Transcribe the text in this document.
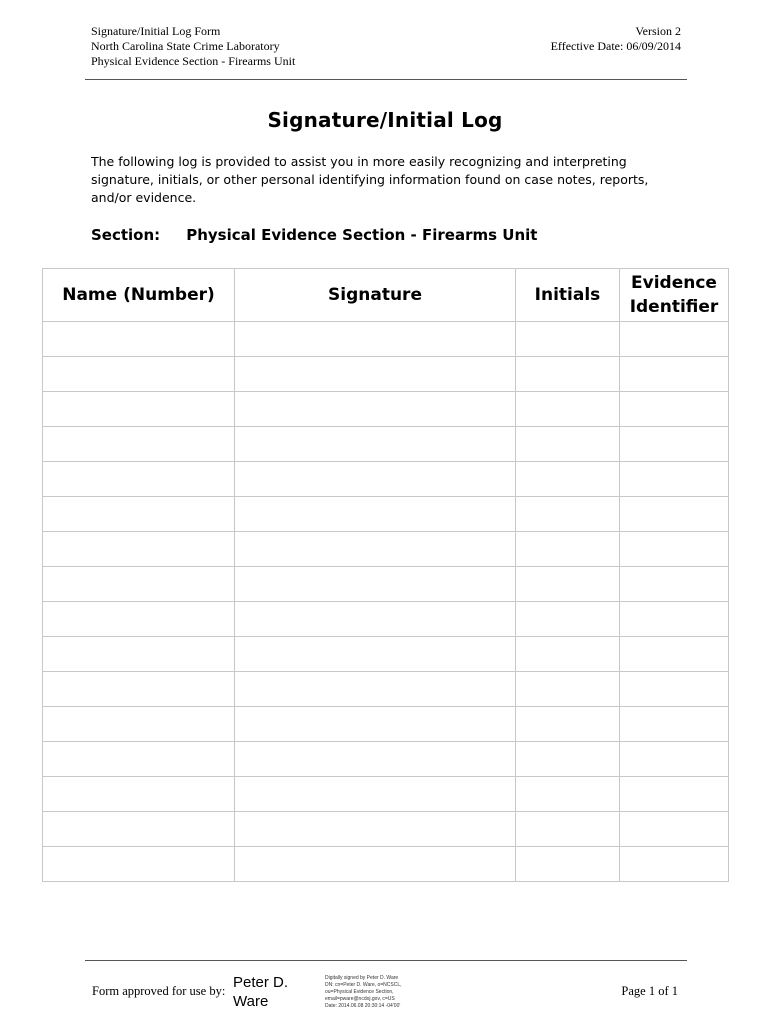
Signature/Initial Log Form
North Carolina State Crime Laboratory
Physical Evidence Section - Firearms Unit
Version 2
Effective Date: 06/09/2014
Signature/Initial Log
The following log is provided to assist you in more easily recognizing and interpreting signature, initials, or other personal identifying information found on case notes, reports, and/or evidence.
Section: Physical Evidence Section - Firearms Unit
Name (Number)	Signature	Initials	Evidence Identifier

Form approved for use by: Peter D.
Ware
Digitally signed by Peter D. Ware
DN: cn=Peter D. Ware, o=NCSCL,
ou=Physical Evidence Section,
email=pware@ncdoj.gov, c=US
Date: 2014.06.08 20:30:14 -04'00'
Page 1 of 1
